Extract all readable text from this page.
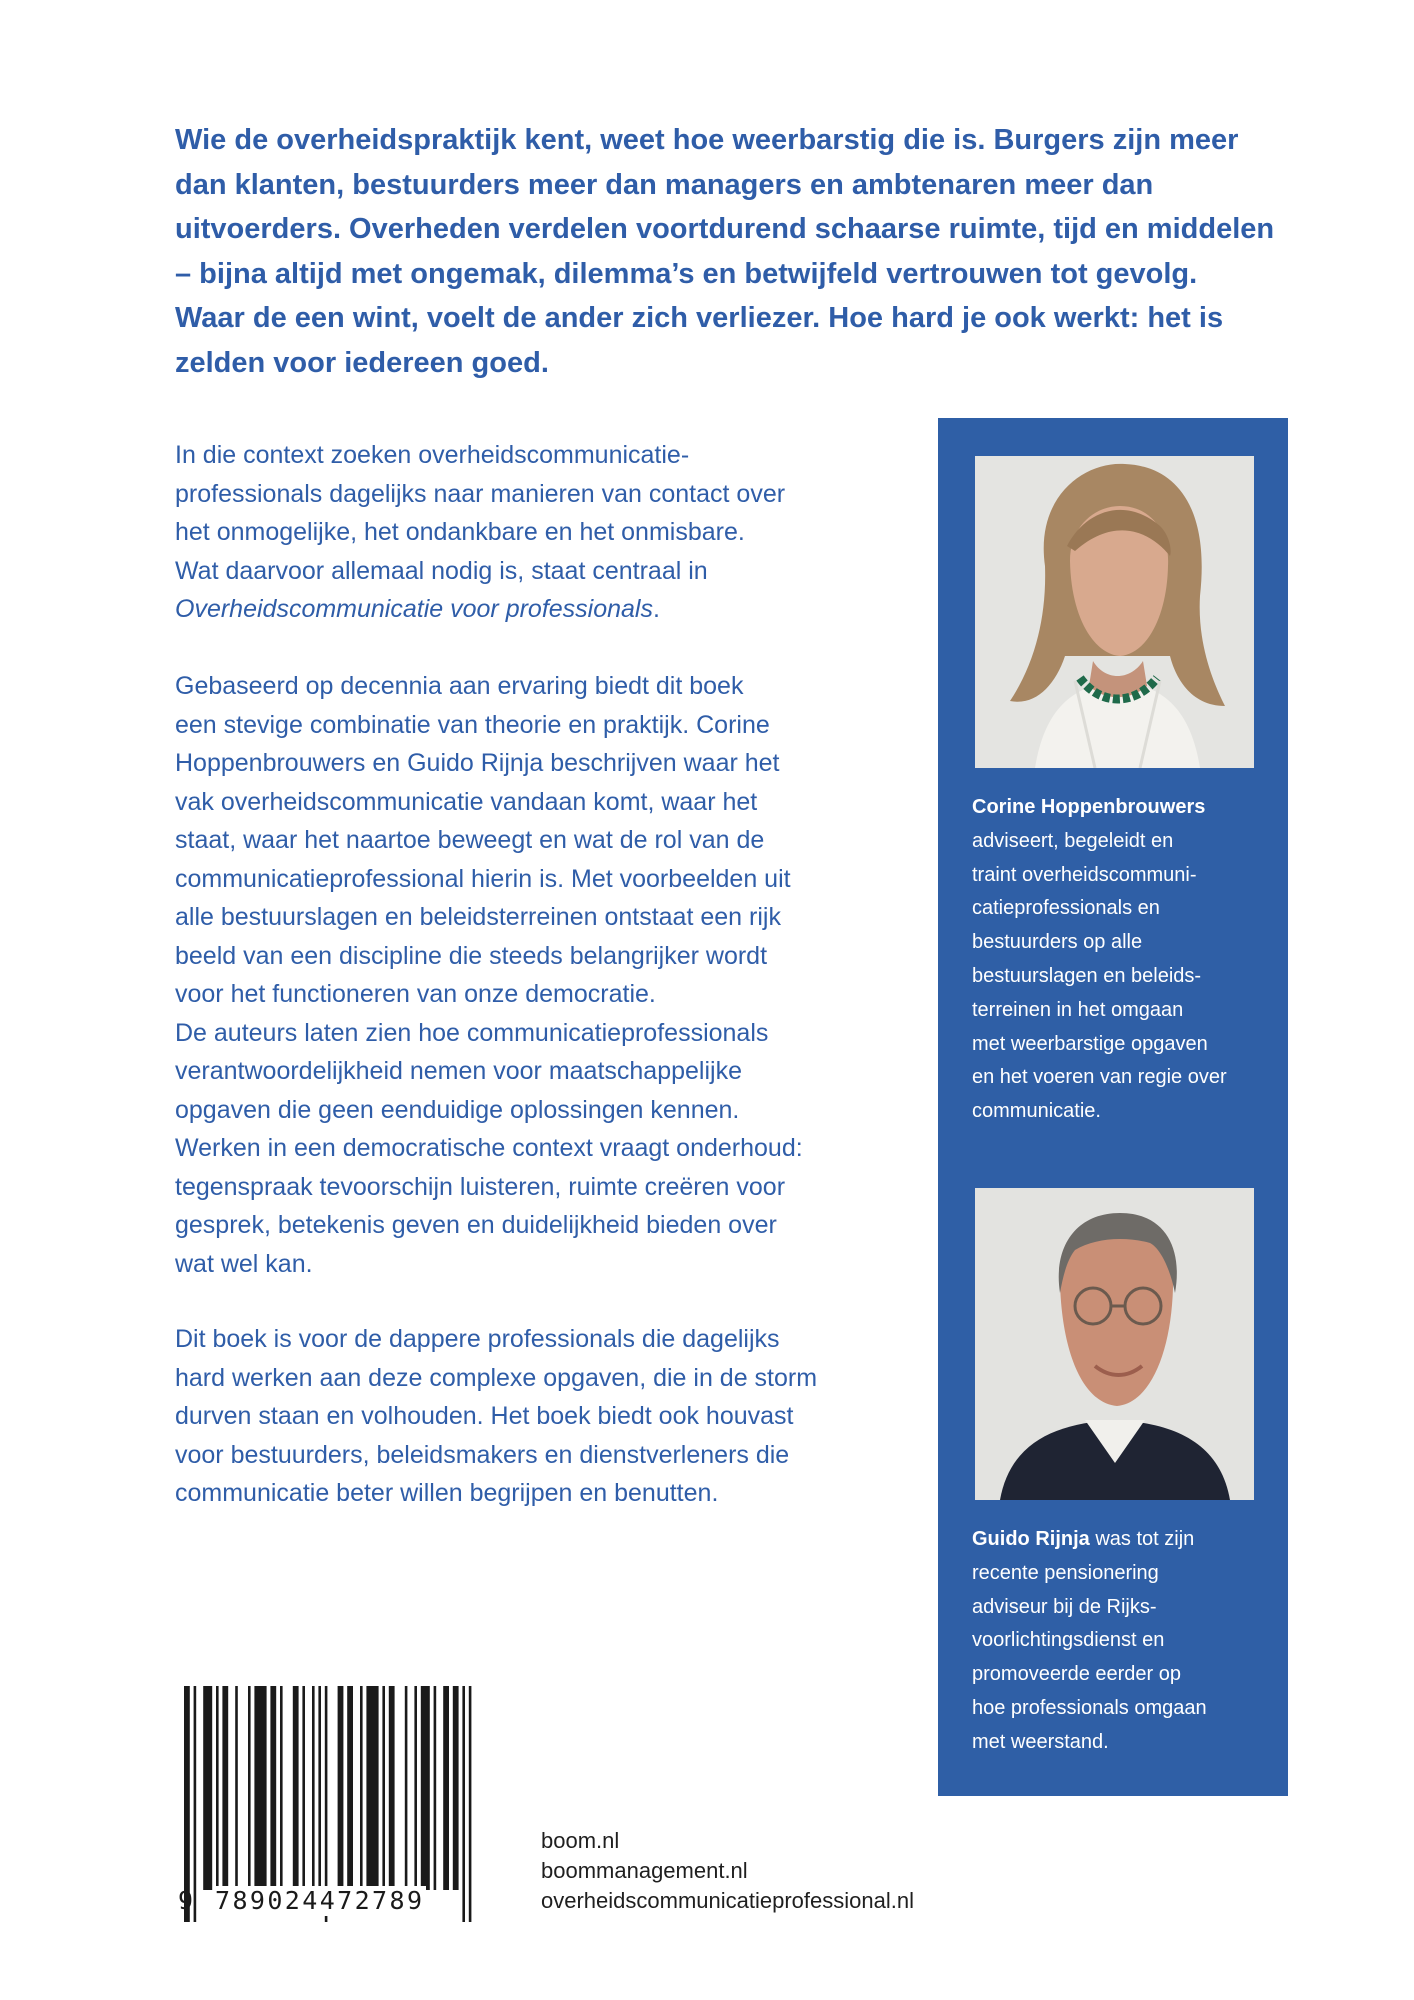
Wie de overheidspraktijk kent, weet hoe weerbarstig die is. Burgers zijn meer
dan klanten, bestuurders meer dan managers en ambtenaren meer dan
uitvoerders. Overheden verdelen voortdurend schaarse ruimte, tijd en middelen
– bijna altijd met ongemak, dilemma’s en betwijfeld vertrouwen tot gevolg.
Waar de een wint, voelt de ander zich verliezer. Hoe hard je ook werkt: het is
zelden voor iedereen goed.
In die context zoeken overheidscommunicatie-
professionals dagelijks naar manieren van contact over
het onmogelijke, het ondankbare en het onmisbare.
Wat daarvoor allemaal nodig is, staat centraal in
Overheidscommunicatie voor professionals.
Gebaseerd op decennia aan ervaring biedt dit boek
een stevige combinatie van theorie en praktijk. Corine
Hoppenbrouwers en Guido Rijnja beschrijven waar het
vak overheidscommunicatie vandaan komt, waar het
staat, waar het naartoe beweegt en wat de rol van de
communicatieprofessional hierin is. Met voorbeelden uit
alle bestuurslagen en beleidsterreinen ontstaat een rijk
beeld van een discipline die steeds belangrijker wordt
voor het functioneren van onze democratie.
De auteurs laten zien hoe communicatieprofessionals
verantwoordelijkheid nemen voor maatschappelijke
opgaven die geen eenduidige oplossingen kennen.
Werken in een democratische context vraagt onderhoud:
tegenspraak tevoorschijn luisteren, ruimte creëren voor
gesprek, betekenis geven en duidelijkheid bieden over
wat wel kan.
Dit boek is voor de dappere professionals die dagelijks
hard werken aan deze complexe opgaven, die in de storm
durven staan en volhouden. Het boek biedt ook houvast
voor bestuurders, beleidsmakers en dienstverleners die
communicatie beter willen begrijpen en benutten.
Corine Hoppenbrouwers
adviseert, begeleidt en
traint overheidscommuni-
catieprofessionals en
bestuurders op alle
bestuurslagen en beleids-
terreinen in het omgaan
met weerbarstige opgaven
en het voeren van regie over
communicatie.
Guido Rijnja was tot zijn
recente pensionering
adviseur bij de Rijks-
voorlichtingsdienst en
promoveerde eerder op
hoe professionals omgaan
met weerstand.
9 789024472789
boom.nl
boommanagement.nl
overheidscommunicatieprofessional.nl
